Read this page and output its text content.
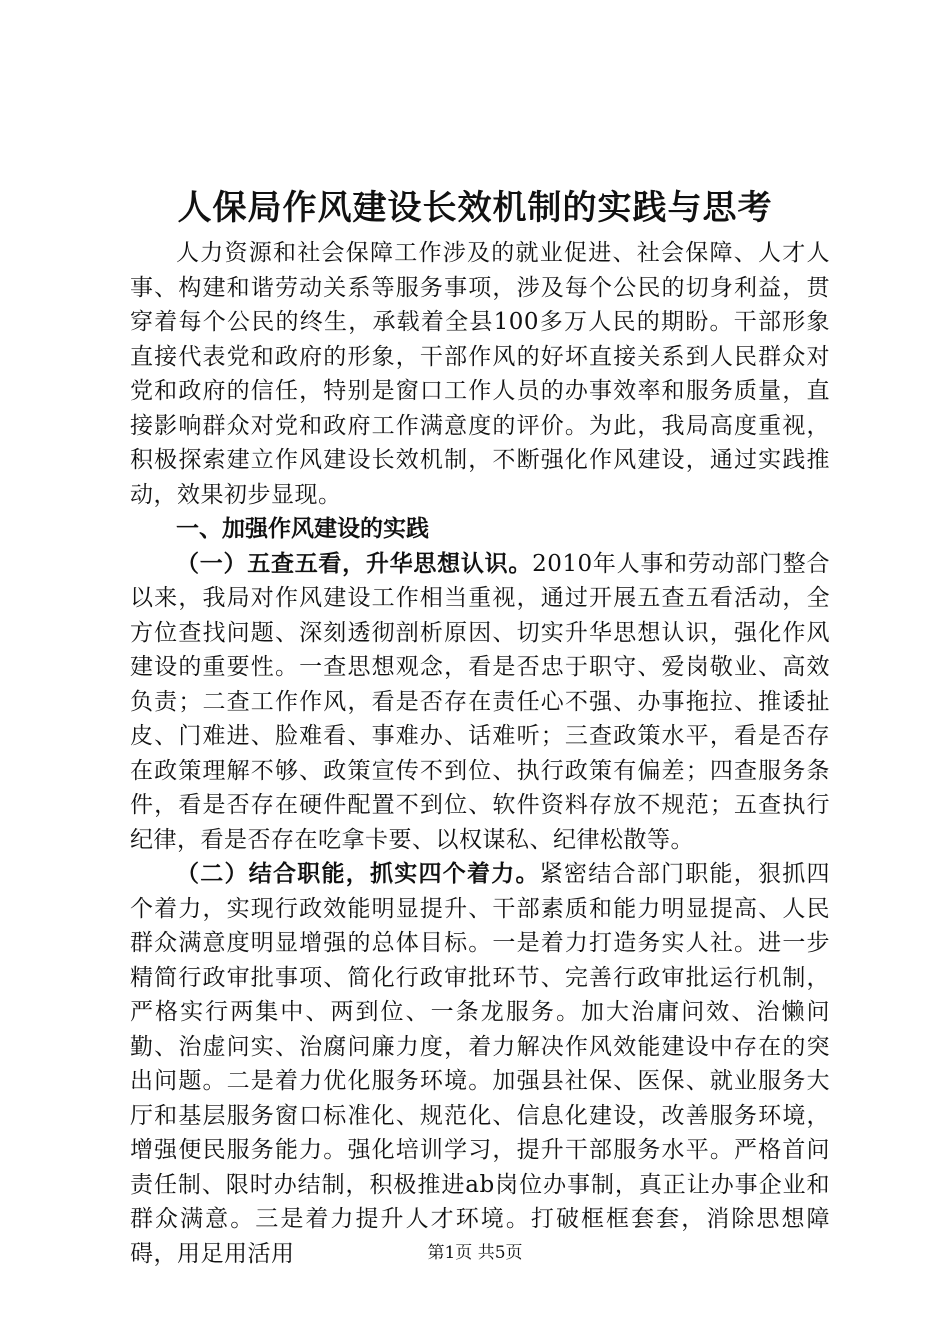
人保局作风建设长效机制的实践与思考

人力资源和社会保障工作涉及的就业促进、社会保障、人才人事、构建和谐劳动关系等服务事项，涉及每个公民的切身利益，贯穿着每个公民的终生，承载着全县100多万人民的期盼。干部形象直接代表党和政府的形象，干部作风的好坏直接关系到人民群众对党和政府的信任，特别是窗口工作人员的办事效率和服务质量，直接影响群众对党和政府工作满意度的评价。为此，我局高度重视，积极探索建立作风建设长效机制，不断强化作风建设，通过实践推动，效果初步显现。

一、加强作风建设的实践

（一）五查五看，升华思想认识。2010年人事和劳动部门整合以来，我局对作风建设工作相当重视，通过开展五查五看活动，全方位查找问题、深刻透彻剖析原因、切实升华思想认识，强化作风建设的重要性。一查思想观念，看是否忠于职守、爱岗敬业、高效负责；二查工作作风，看是否存在责任心不强、办事拖拉、推诿扯皮、门难进、脸难看、事难办、话难听；三查政策水平，看是否存在政策理解不够、政策宣传不到位、执行政策有偏差；四查服务条件，看是否存在硬件配置不到位、软件资料存放不规范；五查执行纪律，看是否存在吃拿卡要、以权谋私、纪律松散等。

（二）结合职能，抓实四个着力。紧密结合部门职能，狠抓四个着力，实现行政效能明显提升、干部素质和能力明显提高、人民群众满意度明显增强的总体目标。一是着力打造务实人社。进一步精简行政审批事项、简化行政审批环节、完善行政审批运行机制，严格实行两集中、两到位、一条龙服务。加大治庸问效、治懒问勤、治虚问实、治腐问廉力度，着力解决作风效能建设中存在的突出问题。二是着力优化服务环境。加强县社保、医保、就业服务大厅和基层服务窗口标准化、规范化、信息化建设，改善服务环境，增强便民服务能力。强化培训学习，提升干部服务水平。严格首问责任制、限时办结制，积极推进ab岗位办事制，真正让办事企业和群众满意。三是着力提升人才环境。打破框框套套，消除思想障碍，用足用活用	第1页 共5页
